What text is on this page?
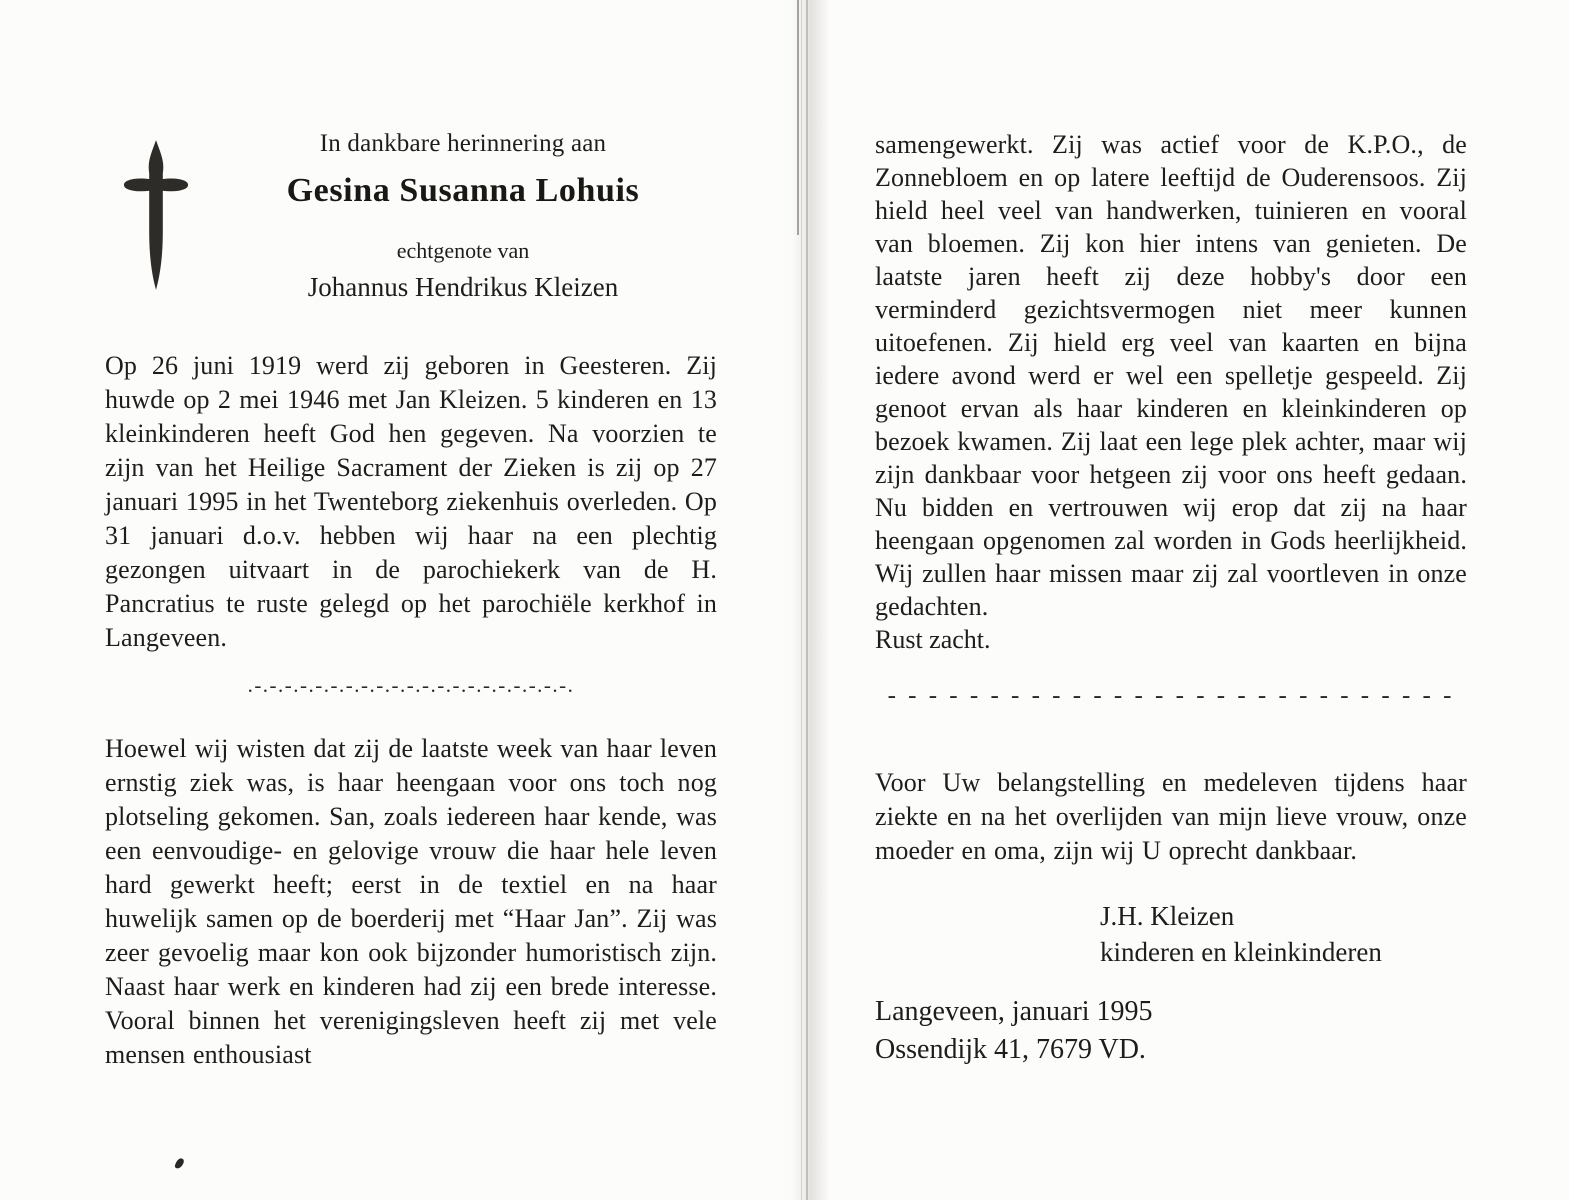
In dankbare herinnering aan
Gesina Susanna Lohuis
echtgenote van
Johannus Hendrikus Kleizen

Op 26 juni 1919 werd zij geboren in Geesteren. Zij huwde op 2 mei 1946 met Jan Kleizen. 5 kinderen en 13 kleinkinderen heeft God hen gegeven. Na voorzien te zijn van het Heilige Sacrament der Zieken is zij op 27 januari 1995 in het Twenteborg ziekenhuis overleden. Op 31 januari d.o.v. hebben wij haar na een plechtig gezongen uitvaart in de parochiekerk van de H. Pancratius te ruste gelegd op het parochiële kerkhof in Langeveen.

.-.-.-.-.-.-.-.-.-.-.-.-.-.-.-.-.-.-.-.-.-.

Hoewel wij wisten dat zij de laatste week van haar leven ernstig ziek was, is haar heengaan voor ons toch nog plotseling gekomen. San, zoals iedereen haar kende, was een eenvoudige- en gelovige vrouw die haar hele leven hard gewerkt heeft; eerst in de textiel en na haar huwelijk samen op de boerderij met “Haar Jan”. Zij was zeer gevoelig maar kon ook bijzonder humoristisch zijn. Naast haar werk en kinderen had zij een brede interesse. Vooral binnen het verenigingsleven heeft zij met vele mensen enthousiast

samengewerkt. Zij was actief voor de K.P.O., de Zonnebloem en op latere leeftijd de Ouderensoos. Zij hield heel veel van handwerken, tuinieren en vooral van bloemen. Zij kon hier intens van genieten. De laatste jaren heeft zij deze hobby's door een verminderd gezichtsvermogen niet meer kunnen uitoefenen. Zij hield erg veel van kaarten en bijna iedere avond werd er wel een spelletje gespeeld. Zij genoot ervan als haar kinderen en kleinkinderen op bezoek kwamen. Zij laat een lege plek achter, maar wij zijn dankbaar voor hetgeen zij voor ons heeft gedaan. Nu bidden en vertrouwen wij erop dat zij na haar heengaan opgenomen zal worden in Gods heerlijkheid. Wij zullen haar missen maar zij zal voortleven in onze gedachten.

Rust zacht.

- - - - - - - - - - - - - - - - - - - - - - - - - - - -

Voor Uw belangstelling en medeleven tijdens haar ziekte en na het overlijden van mijn lieve vrouw, onze moeder en oma, zijn wij U oprecht dankbaar.

J.H. Kleizen
kinderen en kleinkinderen
Langeveen, januari 1995
Ossendijk 41, 7679 VD.
